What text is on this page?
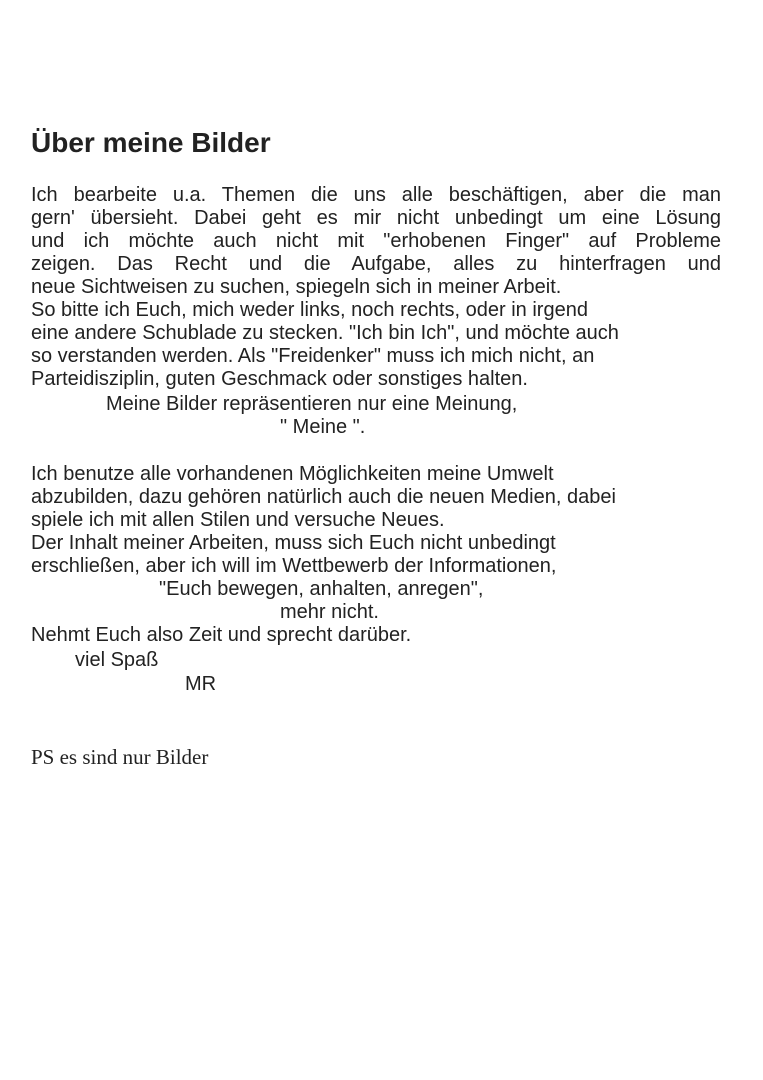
Über meine Bilder
Ich bearbeite u.a. Themen die uns alle beschäftigen, aber die man
gern' übersieht. Dabei geht es mir nicht unbedingt um eine Lösung
und ich möchte auch nicht mit "erhobenen Finger" auf Probleme
zeigen. Das Recht und die Aufgabe, alles zu hinterfragen und
neue Sichtweisen zu suchen, spiegeln sich in meiner Arbeit.
So bitte ich Euch, mich weder links, noch rechts, oder in irgend
eine andere Schublade zu stecken. "Ich bin Ich", und möchte auch
so verstanden werden. Als "Freidenker" muss ich mich nicht, an
Parteidisziplin, guten Geschmack oder sonstiges halten.
Meine Bilder repräsentieren nur eine Meinung,
" Meine ".
Ich benutze alle vorhandenen Möglichkeiten meine Umwelt
abzubilden, dazu gehören natürlich auch die neuen Medien, dabei
spiele ich mit allen Stilen und versuche Neues.
Der Inhalt meiner Arbeiten, muss sich Euch nicht unbedingt
erschließen, aber ich will im Wettbewerb der Informationen,
"Euch bewegen, anhalten, anregen",
mehr nicht.
Nehmt Euch also Zeit und sprecht darüber.
viel Spaß
MR
PS es sind nur Bilder
